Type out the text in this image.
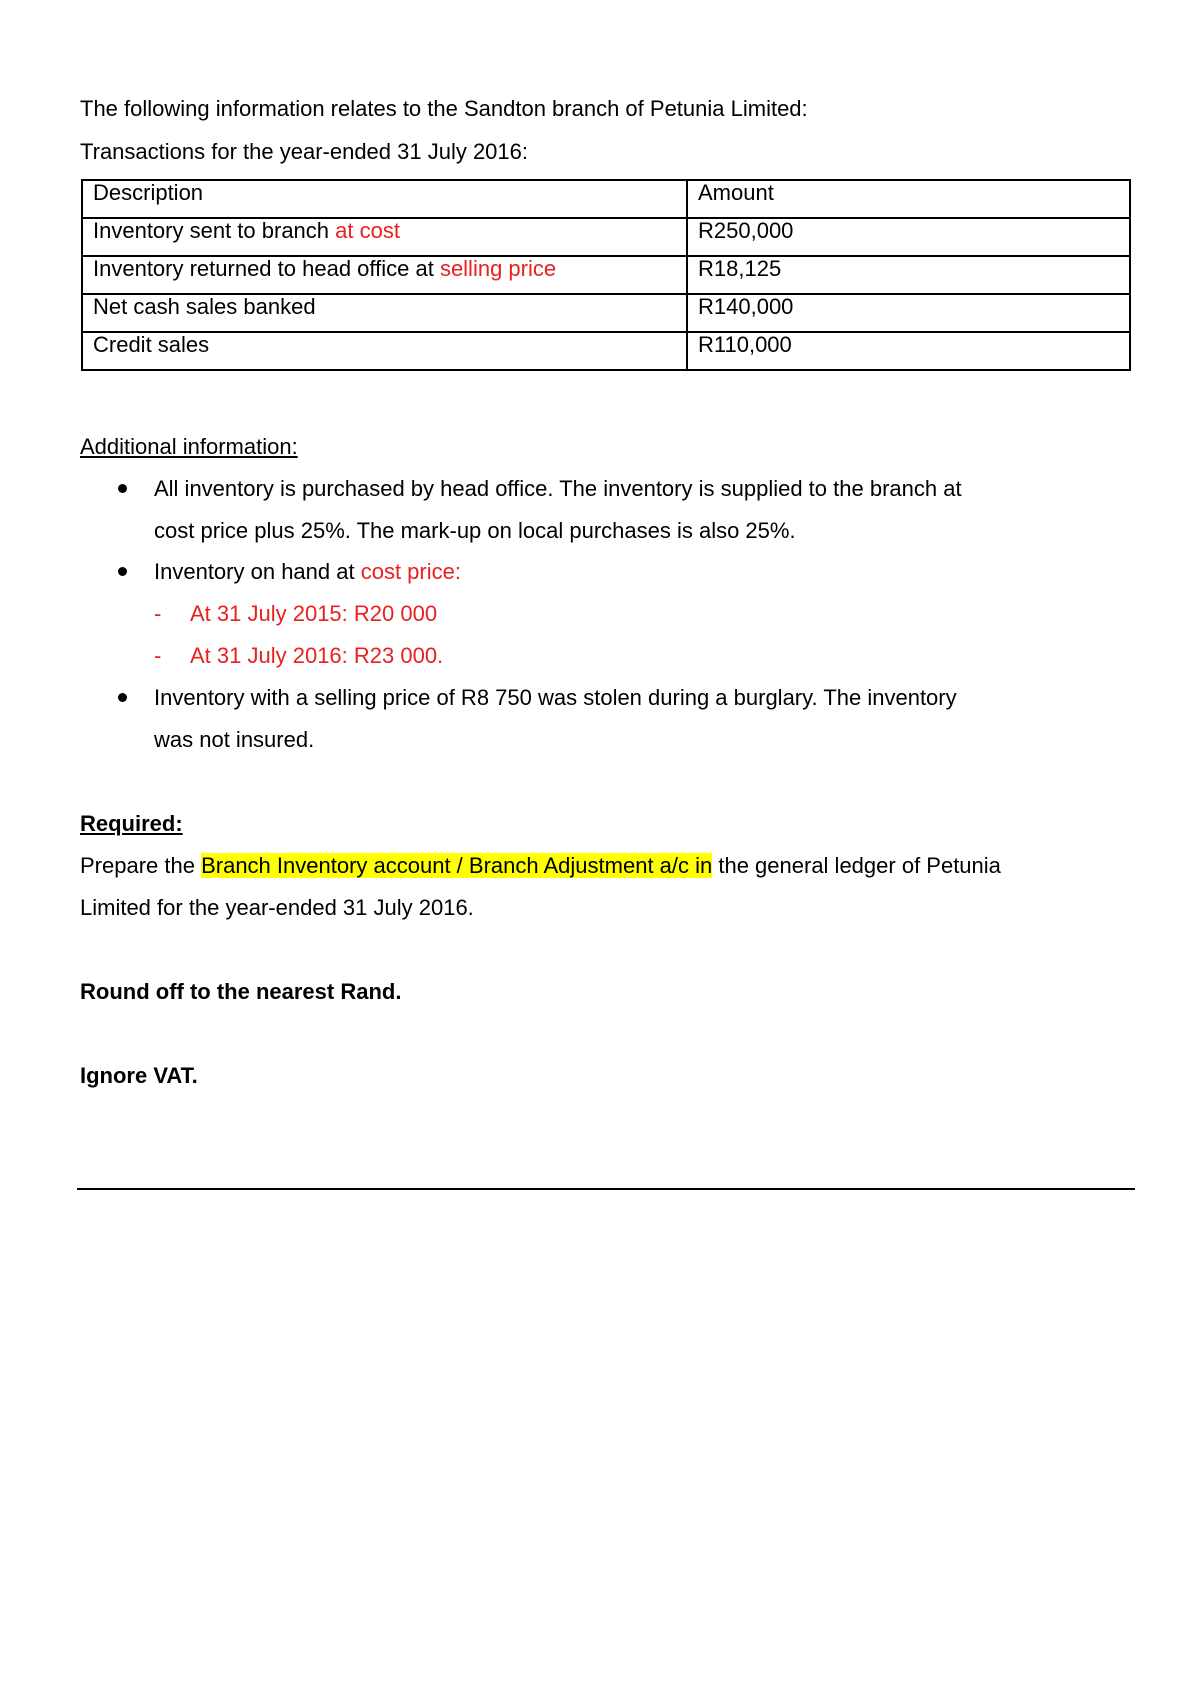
The following information relates to the Sandton branch of Petunia Limited:
Transactions for the year-ended 31 July 2016:
Description	Amount
Inventory sent to branch at cost	R250,000
Inventory returned to head office at selling price	R18,125
Net cash sales banked	R140,000
Credit sales	R110,000
Additional information:
All inventory is purchased by head office. The inventory is supplied to the branch at
cost price plus 25%. The mark-up on local purchases is also 25%.
Inventory on hand at cost price:
- At 31 July 2015: R20 000
- At 31 July 2016: R23 000.
Inventory with a selling price of R8 750 was stolen during a burglary. The inventory
was not insured.
Required:
Prepare the Branch Inventory account / Branch Adjustment a/c in the general ledger of Petunia
Limited for the year-ended 31 July 2016.
Round off to the nearest Rand.
Ignore VAT.
